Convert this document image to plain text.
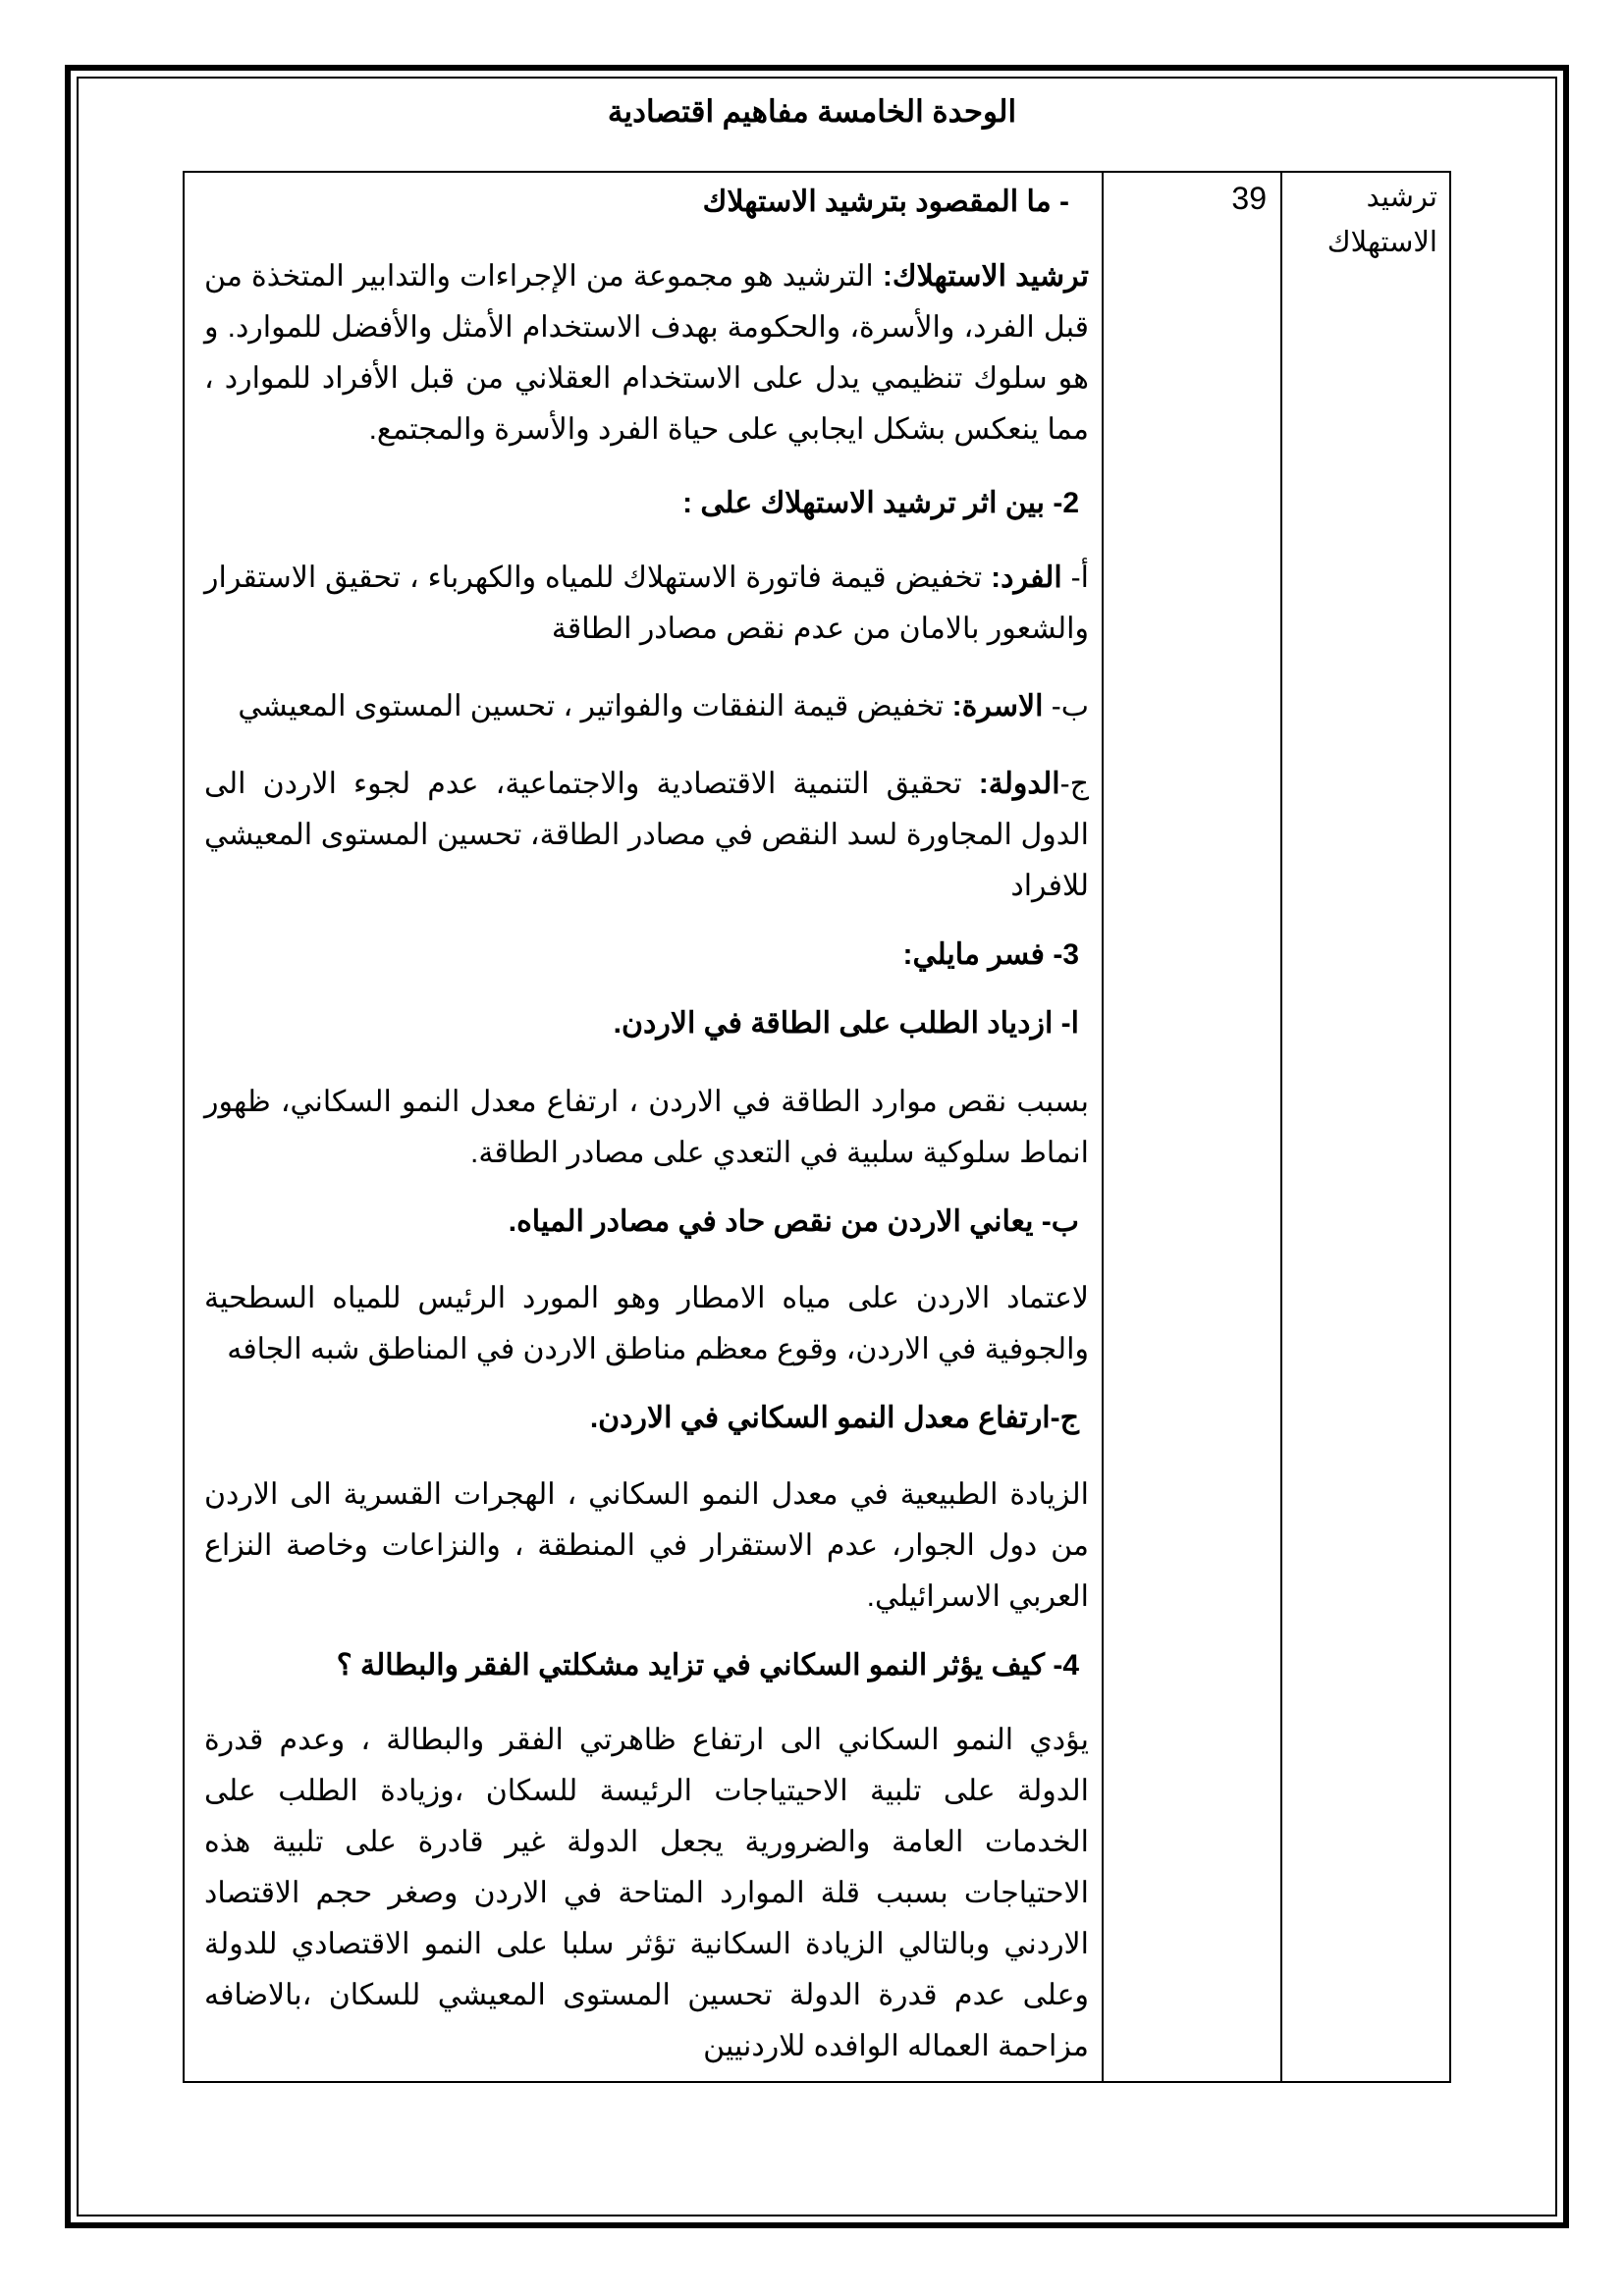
الوحدة الخامسة مفاهيم اقتصادية
ترشيد الاستهلاك	39	
- ما المقصود بترشيد الاستهلاك
ترشيد الاستهلاك: الترشيد هو مجموعة من الإجراءات والتدابير المتخذة من قبل الفرد، والأسرة، والحكومة بهدف الاستخدام الأمثل والأفضل للموارد. و هو سلوك تنظيمي يدل على الاستخدام العقلاني من قبل الأفراد للموارد ، مما ينعكس بشكل ايجابي على حياة الفرد والأسرة والمجتمع.
2- بين اثر ترشيد الاستهلاك على :
أ- الفرد: تخفيض قيمة فاتورة الاستهلاك للمياه والكهرباء ، تحقيق الاستقرار والشعور بالامان من عدم نقص مصادر الطاقة
ب- الاسرة: تخفيض قيمة النفقات والفواتير ، تحسين المستوى المعيشي
ج-الدولة: تحقيق التنمية الاقتصادية والاجتماعية، عدم لجوء الاردن الى الدول المجاورة لسد النقص في مصادر الطاقة، تحسين المستوى المعيشي للافراد
3- فسر مايلي:
ا- ازدياد الطلب على الطاقة في الاردن.
بسبب نقص موارد الطاقة في الاردن ، ارتفاع معدل النمو السكاني، ظهور انماط سلوكية سلبية في التعدي على مصادر الطاقة.
ب- يعاني الاردن من نقص حاد في مصادر المياه.
لاعتماد الاردن على مياه الامطار وهو المورد الرئيس للمياه السطحية والجوفية في الاردن، وقوع معظم مناطق الاردن في المناطق شبه الجافه
ج-ارتفاع معدل النمو السكاني في الاردن.
الزيادة الطبيعية في معدل النمو السكاني ، الهجرات القسرية الى الاردن من دول الجوار، عدم الاستقرار في المنطقة ، والنزاعات وخاصة النزاع العربي الاسرائيلي.
4- كيف يؤثر النمو السكاني في تزايد مشكلتي الفقر والبطالة ؟
يؤدي النمو السكاني الى ارتفاع ظاهرتي الفقر والبطالة ، وعدم قدرة الدولة على تلبية الاحيتياجات الرئيسة للسكان ،وزيادة الطلب على الخدمات العامة والضرورية يجعل الدولة غير قادرة على تلبية هذه الاحتياجات بسبب قلة الموارد المتاحة في الاردن وصغر حجم الاقتصاد الاردني وبالتالي الزيادة السكانية تؤثر سلبا على النمو الاقتصادي للدولة وعلى عدم قدرة الدولة تحسين المستوى المعيشي للسكان ،بالاضافه مزاحمة العماله الوافده للاردنيين
